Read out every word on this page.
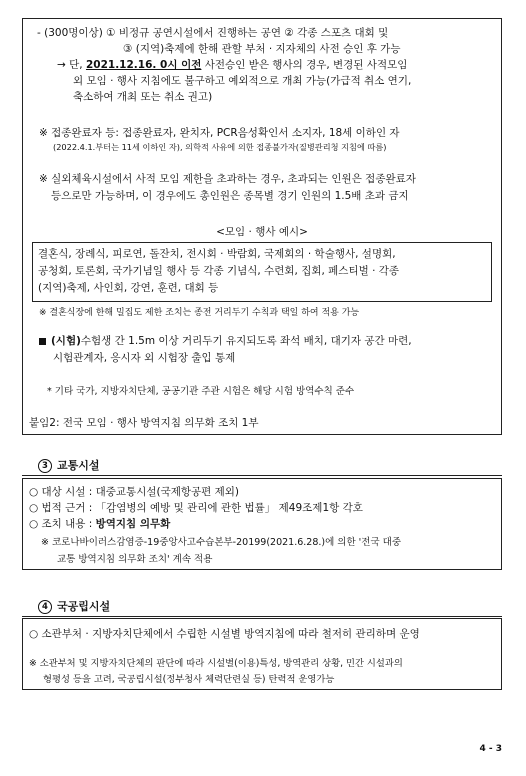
- (300명이상) ① 비정규 공연시설에서 진행하는 공연 ② 각종 스포츠 대회 및
③ (지역)축제에 한해 관할 부처 · 지자체의 사전 승인 후 가능
→ 단, 2021.12.16. 0시 이전 사전승인 받은 행사의 경우, 변경된 사적모임
외 모임 · 행사 지침에도 불구하고 예외적으로 개최 가능(가급적 취소 연기,
축소하여 개최 또는 취소 권고)
※ 접종완료자 등: 접종완료자, 완치자, PCR음성확인서 소지자, 18세 이하인 자
(2022.4.1.부터는 11세 이하인 자), 의학적 사유에 의한 접종불가자(질병관리청 지침에 따름)
※ 실외체육시설에서 사적 모임 제한을 초과하는 경우, 초과되는 인원은 접종완료자
등으로만 가능하며, 이 경우에도 총인원은 종목별 경기 인원의 1.5배 초과 금지
<모임 · 행사 예시>
결혼식, 장례식, 피로연, 돌잔치, 전시회 · 박람회, 국제회의 · 학술행사, 설명회,
공청회, 토론회, 국가기념일 행사 등 각종 기념식, 수련회, 집회, 페스티벌 · 각종
(지역)축제, 사인회, 강연, 훈련, 대회 등
※ 결혼식장에 한해 밀집도 제한 조치는 종전 거리두기 수칙과 택일 하여 적용 가능
(시험)수험생 간 1.5m 이상 거리두기 유지되도록 좌석 배치, 대기자 공간 마련,
시험관계자, 응시자 외 시험장 출입 통제
* 기타 국가, 지방자치단체, 공공기관 주관 시험은 해당 시험 방역수칙 준수
붙임2: 전국 모임 · 행사 방역지침 의무화 조치 1부
3 교통시설
○ 대상 시설 : 대중교통시설(국제항공편 제외)
○ 법적 근거 : 「감염병의 예방 및 관리에 관한 법률」 제49조제1항 각호
○ 조치 내용 : 방역지침 의무화
※ 코로나바이러스감염증-19중앙사고수습본부-20199(2021.6.28.)에 의한 '전국 대중
교통 방역지침 의무화 조치' 계속 적용
4 국공립시설
○ 소관부처 · 지방자치단체에서 수립한 시설별 방역지침에 따라 철저히 관리하며 운영
※ 소관부처 및 지방자치단체의 판단에 따라 시설별(이용)특성, 방역관리 상황, 민간 시설과의
형평성 등을 고려, 국공립시설(정부청사 체력단련실 등) 탄력적 운영가능
4 - 3
